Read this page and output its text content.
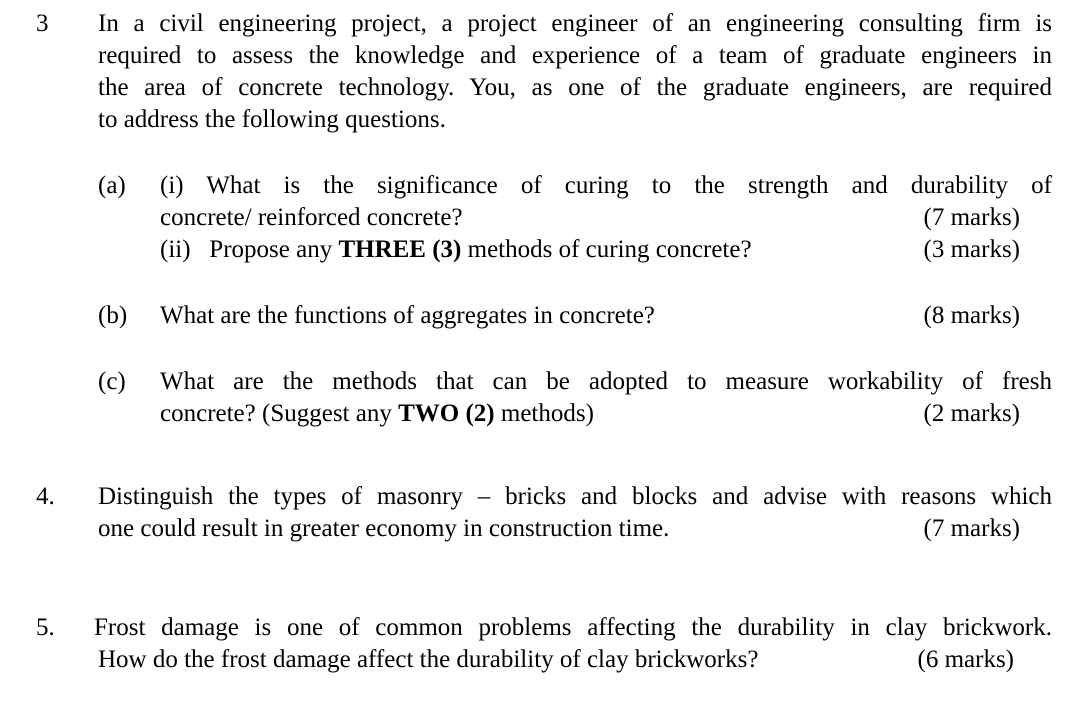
3 In a civil engineering project, a project engineer of an engineering consulting firm is
required to assess the knowledge and experience of a team of graduate engineers in
the area of concrete technology. You, as one of the graduate engineers, are required
to address the following questions.
(a) (i) What is the significance of curing to the strength and durability of
concrete/ reinforced concrete?	(7 marks)
(ii)   Propose any THREE (3) methods of curing concrete?	(3 marks)
(b) What are the functions of aggregates in concrete?	(8 marks)
(c) What are the methods that can be adopted to measure workability of fresh
concrete? (Suggest any TWO (2) methods)	(2 marks)
4. Distinguish the types of masonry – bricks and blocks and advise with reasons which
one could result in greater economy in construction time.	(7 marks)
5. Frost damage is one of common problems affecting the durability in clay brickwork.
How do the frost damage affect the durability of clay brickworks?	(6 marks)
